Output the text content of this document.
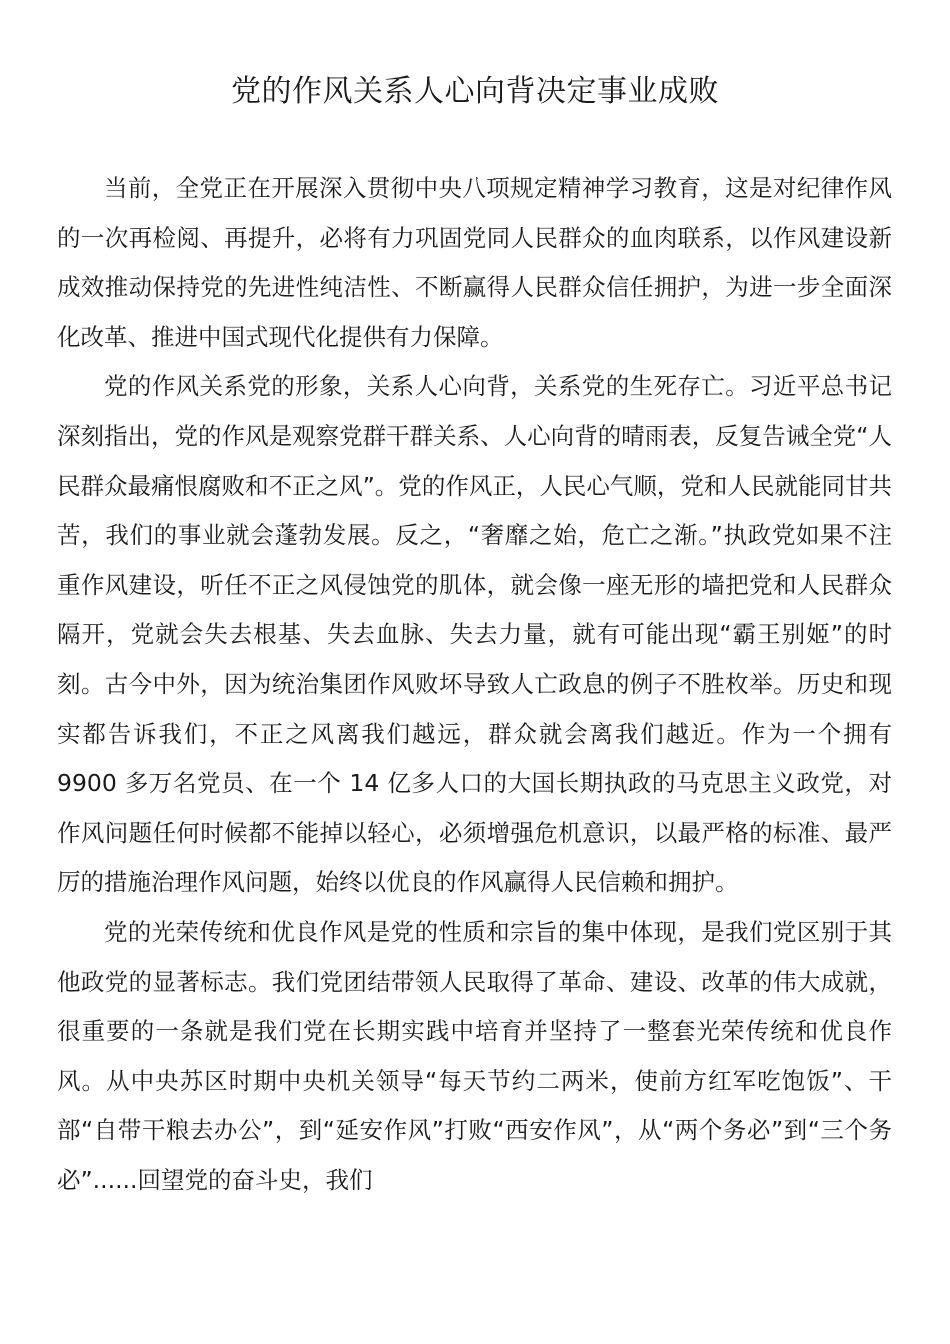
党的作风关系人心向背决定事业成败

当前，全党正在开展深入贯彻中央八项规定精神学习教育，这是对纪律作风的一次再检阅、再提升，必将有力巩固党同人民群众的血肉联系，以作风建设新成效推动保持党的先进性纯洁性、不断赢得人民群众信任拥护，为进一步全面深化改革、推进中国式现代化提供有力保障。

党的作风关系党的形象，关系人心向背，关系党的生死存亡。习近平总书记深刻指出，党的作风是观察党群干群关系、人心向背的晴雨表，反复告诫全党“人民群众最痛恨腐败和不正之风”。党的作风正，人民心气顺，党和人民就能同甘共苦，我们的事业就会蓬勃发展。反之，“奢靡之始，危亡之渐。”执政党如果不注重作风建设，听任不正之风侵蚀党的肌体，就会像一座无形的墙把党和人民群众隔开，党就会失去根基、失去血脉、失去力量，就有可能出现“霸王别姬”的时刻。古今中外，因为统治集团作风败坏导致人亡政息的例子不胜枚举。历史和现实都告诉我们，不正之风离我们越远，群众就会离我们越近。作为一个拥有 9900 多万名党员、在一个 14 亿多人口的大国长期执政的马克思主义政党，对作风问题任何时候都不能掉以轻心，必须增强危机意识，以最严格的标准、最严厉的措施治理作风问题，始终以优良的作风赢得人民信赖和拥护。

党的光荣传统和优良作风是党的性质和宗旨的集中体现，是我们党区别于其他政党的显著标志。我们党团结带领人民取得了革命、建设、改革的伟大成就，很重要的一条就是我们党在长期实践中培育并坚持了一整套光荣传统和优良作风。从中央苏区时期中央机关领导“每天节约二两米，使前方红军吃饱饭”、干部“自带干粮去办公”，到“延安作风”打败“西安作风”，从“两个务必”到“三个务必”......回望党的奋斗史，我们
